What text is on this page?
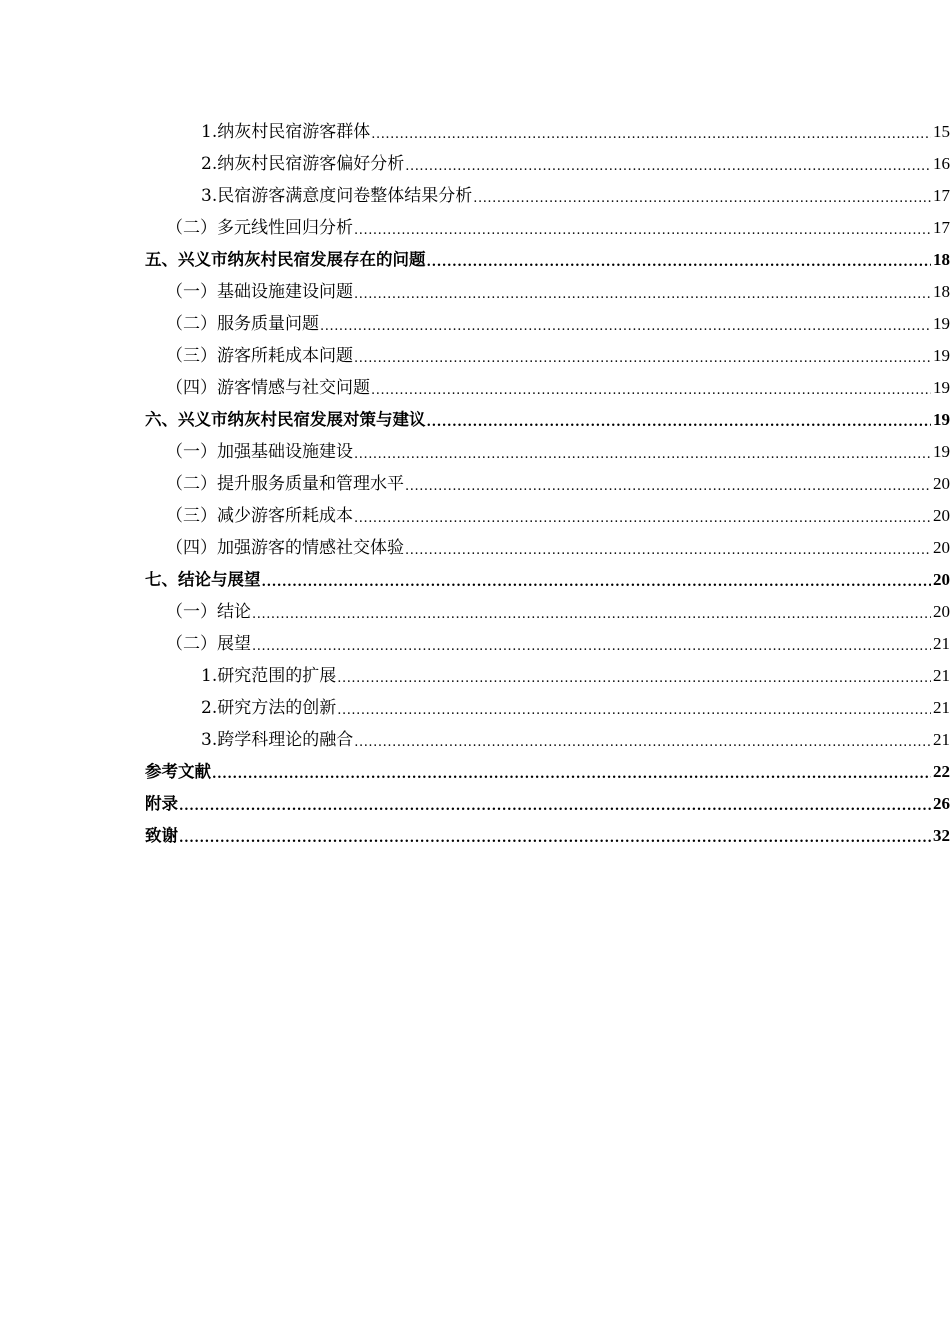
1.纳灰村民宿游客群体 .....	15
2.纳灰村民宿游客偏好分析 .....	16
3.民宿游客满意度问卷整体结果分析 .....	17
（二）多元线性回归分析 .....	17
五、兴义市纳灰村民宿发展存在的问题 .....	18
（一）基础设施建设问题 .....	18
（二）服务质量问题 .....	19
（三）游客所耗成本问题 .....	19
（四）游客情感与社交问题 .....	19
六、兴义市纳灰村民宿发展对策与建议 .....	19
（一）加强基础设施建设 .....	19
（二）提升服务质量和管理水平 .....	20
（三）减少游客所耗成本 .....	20
（四）加强游客的情感社交体验 .....	20
七、结论与展望 .....	20
（一）结论 .....	20
（二）展望 .....	21
1.研究范围的扩展 .....	21
2.研究方法的创新 .....	21
3.跨学科理论的融合 .....	21
参考文献 .....	22
附录 .....	26
致谢 .....	32
